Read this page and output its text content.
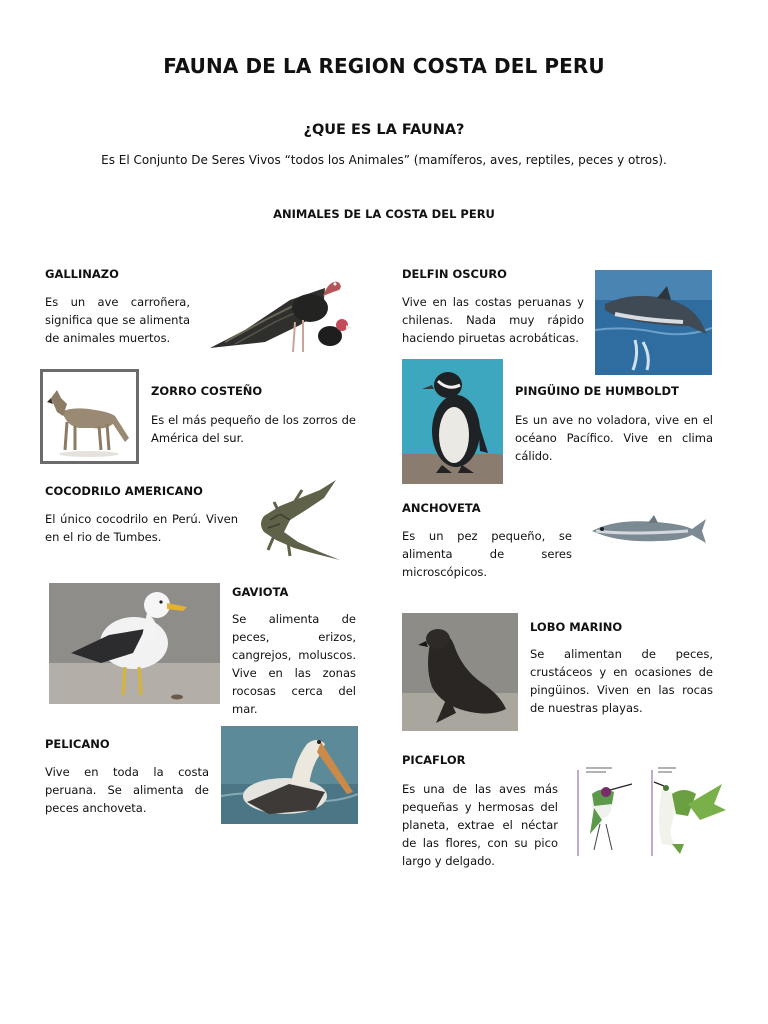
FAUNA DE LA REGION COSTA DEL PERU
¿QUE ES LA FAUNA?
Es El Conjunto De Seres Vivos “todos los Animales” (mamíferos, aves, reptiles, peces y otros).
ANIMALES DE LA COSTA DEL PERU
GALLINAZO
Es un ave carroñera, significa que se alimenta de animales muertos.
ZORRO COSTEÑO
Es el más pequeño de los zorros de América del sur.
COCODRILO AMERICANO
El único cocodrilo en Perú. Viven en el rio de Tumbes.
GAVIOTA
Se alimenta de peces, erizos, cangrejos, moluscos. Vive en las zonas rocosas cerca del mar.
PELICANO
Vive en toda la costa peruana. Se alimenta de peces anchoveta.
DELFIN OSCURO
Vive en las costas peruanas y chilenas. Nada muy rápido haciendo piruetas acrobáticas.
PINGÜINO DE HUMBOLDT
Es un ave no voladora, vive en el océano Pacífico. Vive en clima cálido.
ANCHOVETA
Es un pez pequeño, se alimenta de seres microscópicos.
LOBO MARINO
Se alimentan de peces, crustáceos y en ocasiones de pingüinos. Viven en las rocas de nuestras playas.
PICAFLOR
Es una de las aves más pequeñas y hermosas del planeta, extrae el néctar de las flores, con su pico largo y delgado.
